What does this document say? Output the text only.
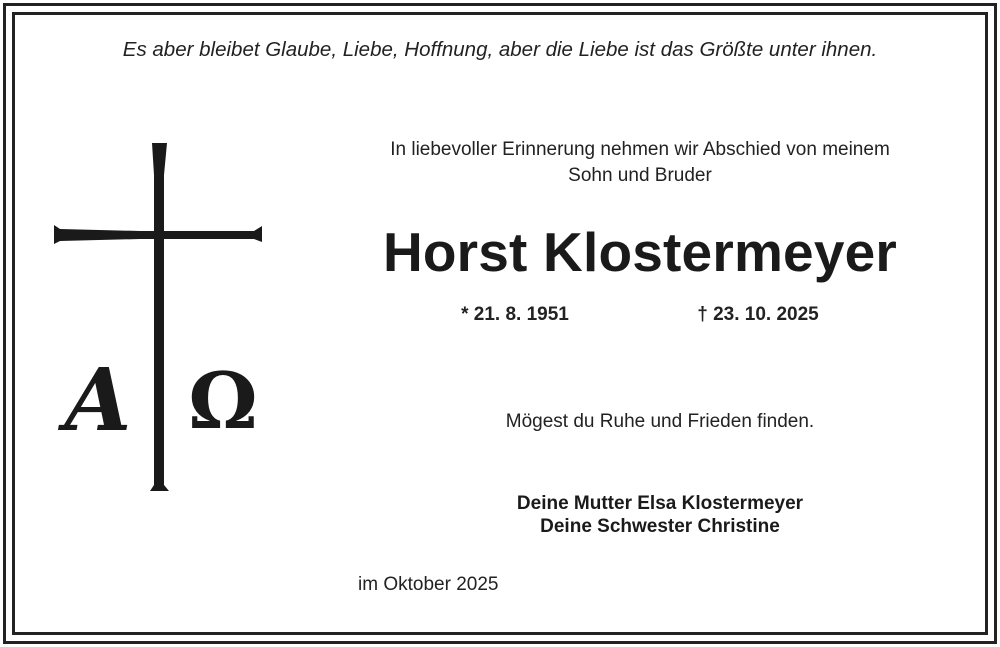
Es aber bleibet Glaube, Liebe, Hoffnung, aber die Liebe ist das Größte unter ihnen.
Α Ω
In liebevoller Erinnerung nehmen wir Abschied von meinem
Sohn und Bruder
Horst Klostermeyer
* 21. 8. 1951	† 23. 10. 2025
Mögest du Ruhe und Frieden finden.
Deine Mutter Elsa Klostermeyer
Deine Schwester Christine
im Oktober 2025
